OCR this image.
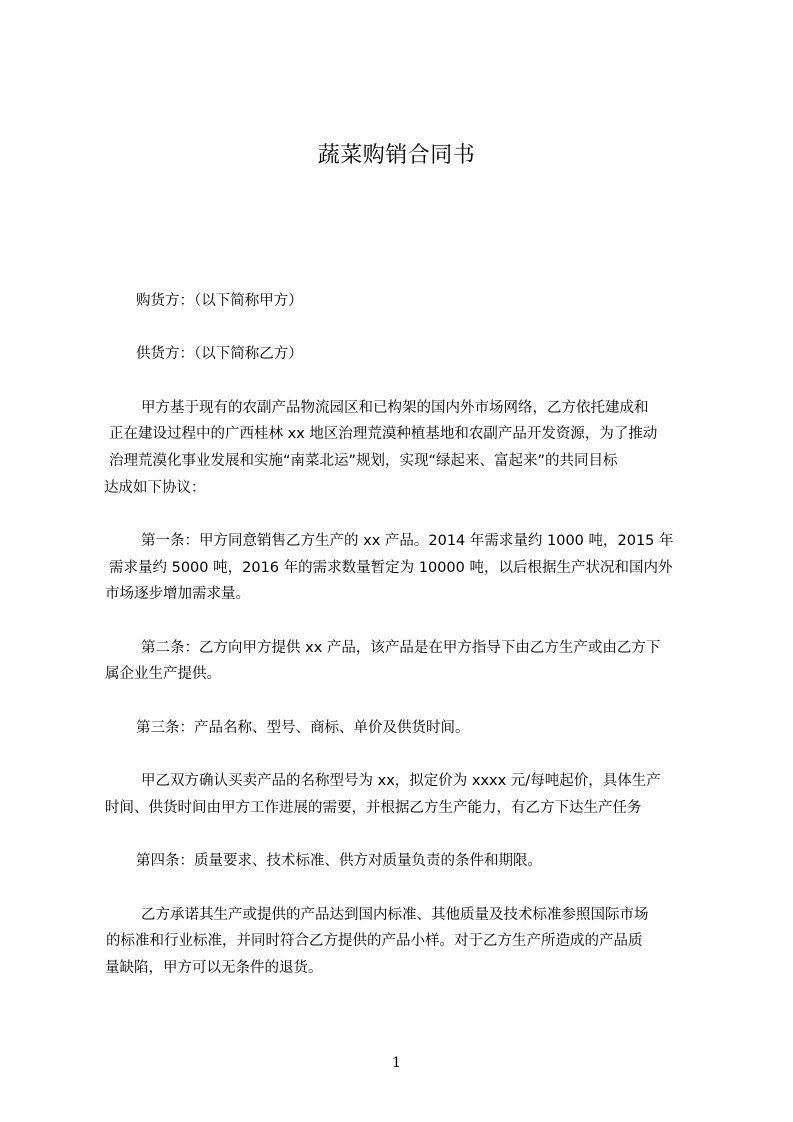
蔬菜购销合同书
购货方：（以下简称甲方）
供货方：（以下简称乙方）
甲方基于现有的农副产品物流园区和已构架的国内外市场网络，乙方依托建成和
正在建设过程中的广西桂林 xx 地区治理荒漠种植基地和农副产品开发资源，为了推动
治理荒漠化事业发展和实施“南菜北运”规划，实现“绿起来、富起来”的共同目标
达成如下协议：
第一条：甲方同意销售乙方生产的 xx 产品。2014 年需求量约 1000 吨，2015 年
需求量约 5000 吨，2016 年的需求数量暂定为 10000 吨，以后根据生产状况和国内外
市场逐步增加需求量。
第二条：乙方向甲方提供 xx 产品，该产品是在甲方指导下由乙方生产或由乙方下
属企业生产提供。
第三条：产品名称、型号、商标、单价及供货时间。
甲乙双方确认买卖产品的名称型号为 xx，拟定价为 xxxx 元/每吨起价，具体生产
时间、供货时间由甲方工作进展的需要，并根据乙方生产能力，有乙方下达生产任务
第四条：质量要求、技术标准、供方对质量负责的条件和期限。
乙方承诺其生产或提供的产品达到国内标准、其他质量及技术标准参照国际市场
的标准和行业标准，并同时符合乙方提供的产品小样。对于乙方生产所造成的产品质
量缺陷，甲方可以无条件的退货。
1
